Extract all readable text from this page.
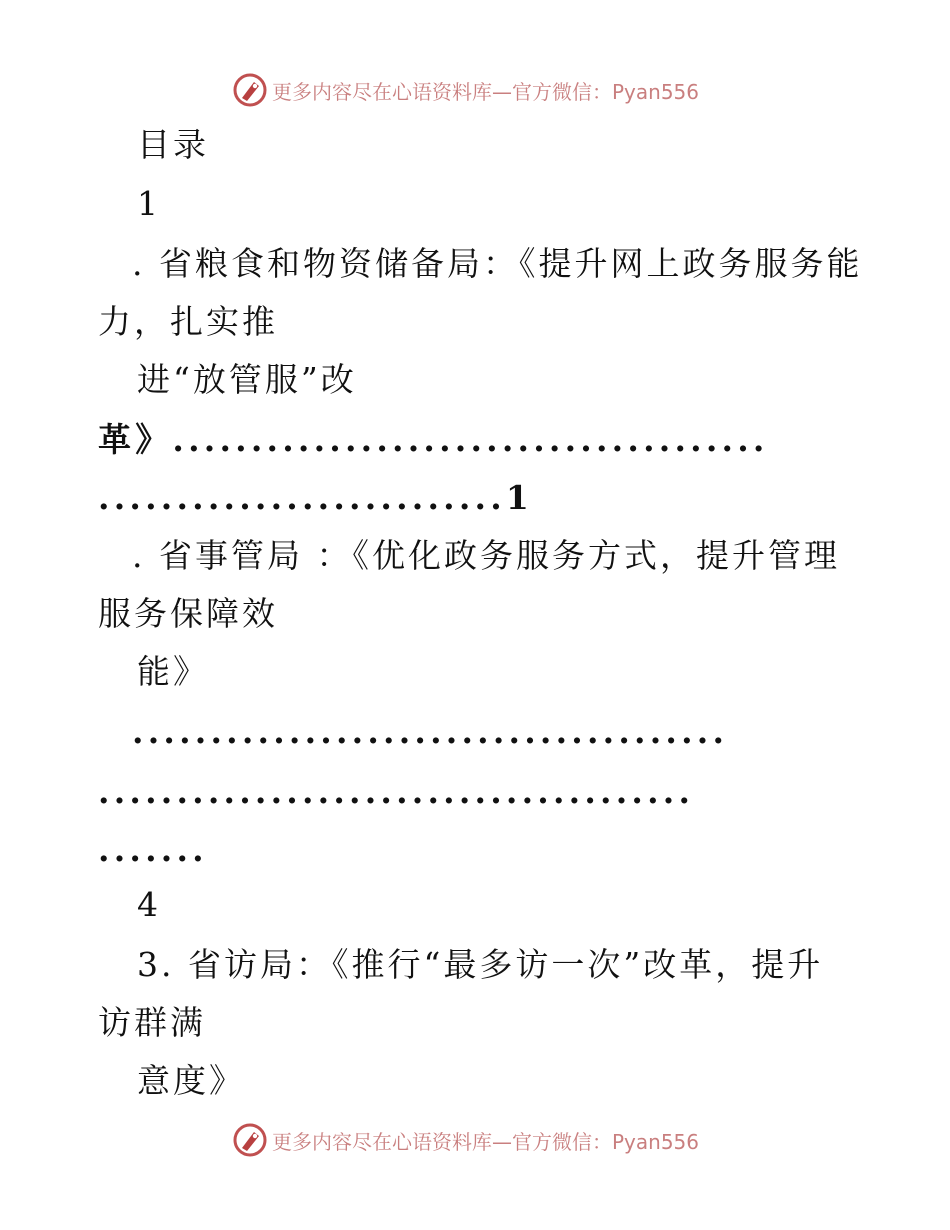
更多内容尽在心语资料库—官方微信：Pyan556
目录
1
. 省粮食和物资储备局：《提升网上政务服务能
力，扎实推
进“放管服”改
革》......................................
..........................1
. 省事管局 ：《优化政务服务方式，提升管理
服务保障效
能》
......................................
......................................
.......
4
3. 省访局：《推行“最多访一次”改革，提升
访群满
意度》
更多内容尽在心语资料库—官方微信：Pyan556
